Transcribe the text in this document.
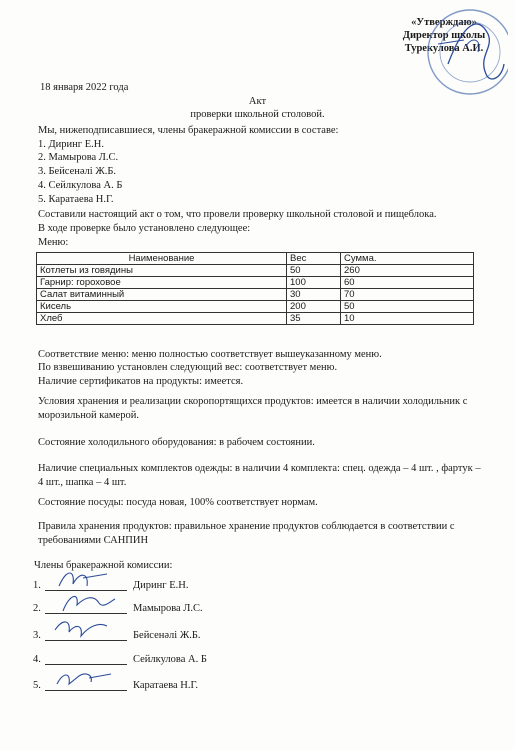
«Утверждаю»
Директор школы
Турекулова А.И.
18 января 2022 года
Акт
проверки школьной столовой.
Мы, нижеподписавшиеся, члены бракеражной комиссии в составе:
1. Диринг Е.Н.
2. Мамырова Л.С.
3. Бейсенәлі Ж.Б.
4. Сейлкулова А. Б
5. Каратаева Н.Г.
Составили настоящий акт о том, что провели проверку школьной столовой и пищеблока.
В ходе проверке было установлено следующее:
Меню:
Наименование	Вес	Сумма.
Котлеты из говядины	50	260
Гарнир: гороховое	100	60
Салат витаминный	30	70
Кисель	200	50
Хлеб	35	10
Соответствие меню: меню полностью соответствует вышеуказанному меню.
По взвешиванию установлен следующий вес: соответствует меню.
Наличие сертификатов на продукты: имеется.
Условия хранения и реализации скоропортящихся продуктов: имеется в наличии холодильник с морозильной камерой.
Состояние холодильного оборудования: в рабочем состоянии.
Наличие специальных комплектов одежды: в наличии 4 комплекта: спец. одежда – 4 шт. , фартук – 4 шт., шапка – 4 шт.
Состояние посуды: посуда новая, 100% соответствует нормам.
Правила хранения продуктов: правильное хранение продуктов соблюдается в соответствии с требованиями САНПИН
Члены бракеражной комиссии:
1.	Диринг Е.Н.
2.	Мамырова Л.С.
3.	Бейсенәлі Ж.Б.
4.	Сейлкулова А. Б
5.	Каратаева Н.Г.
